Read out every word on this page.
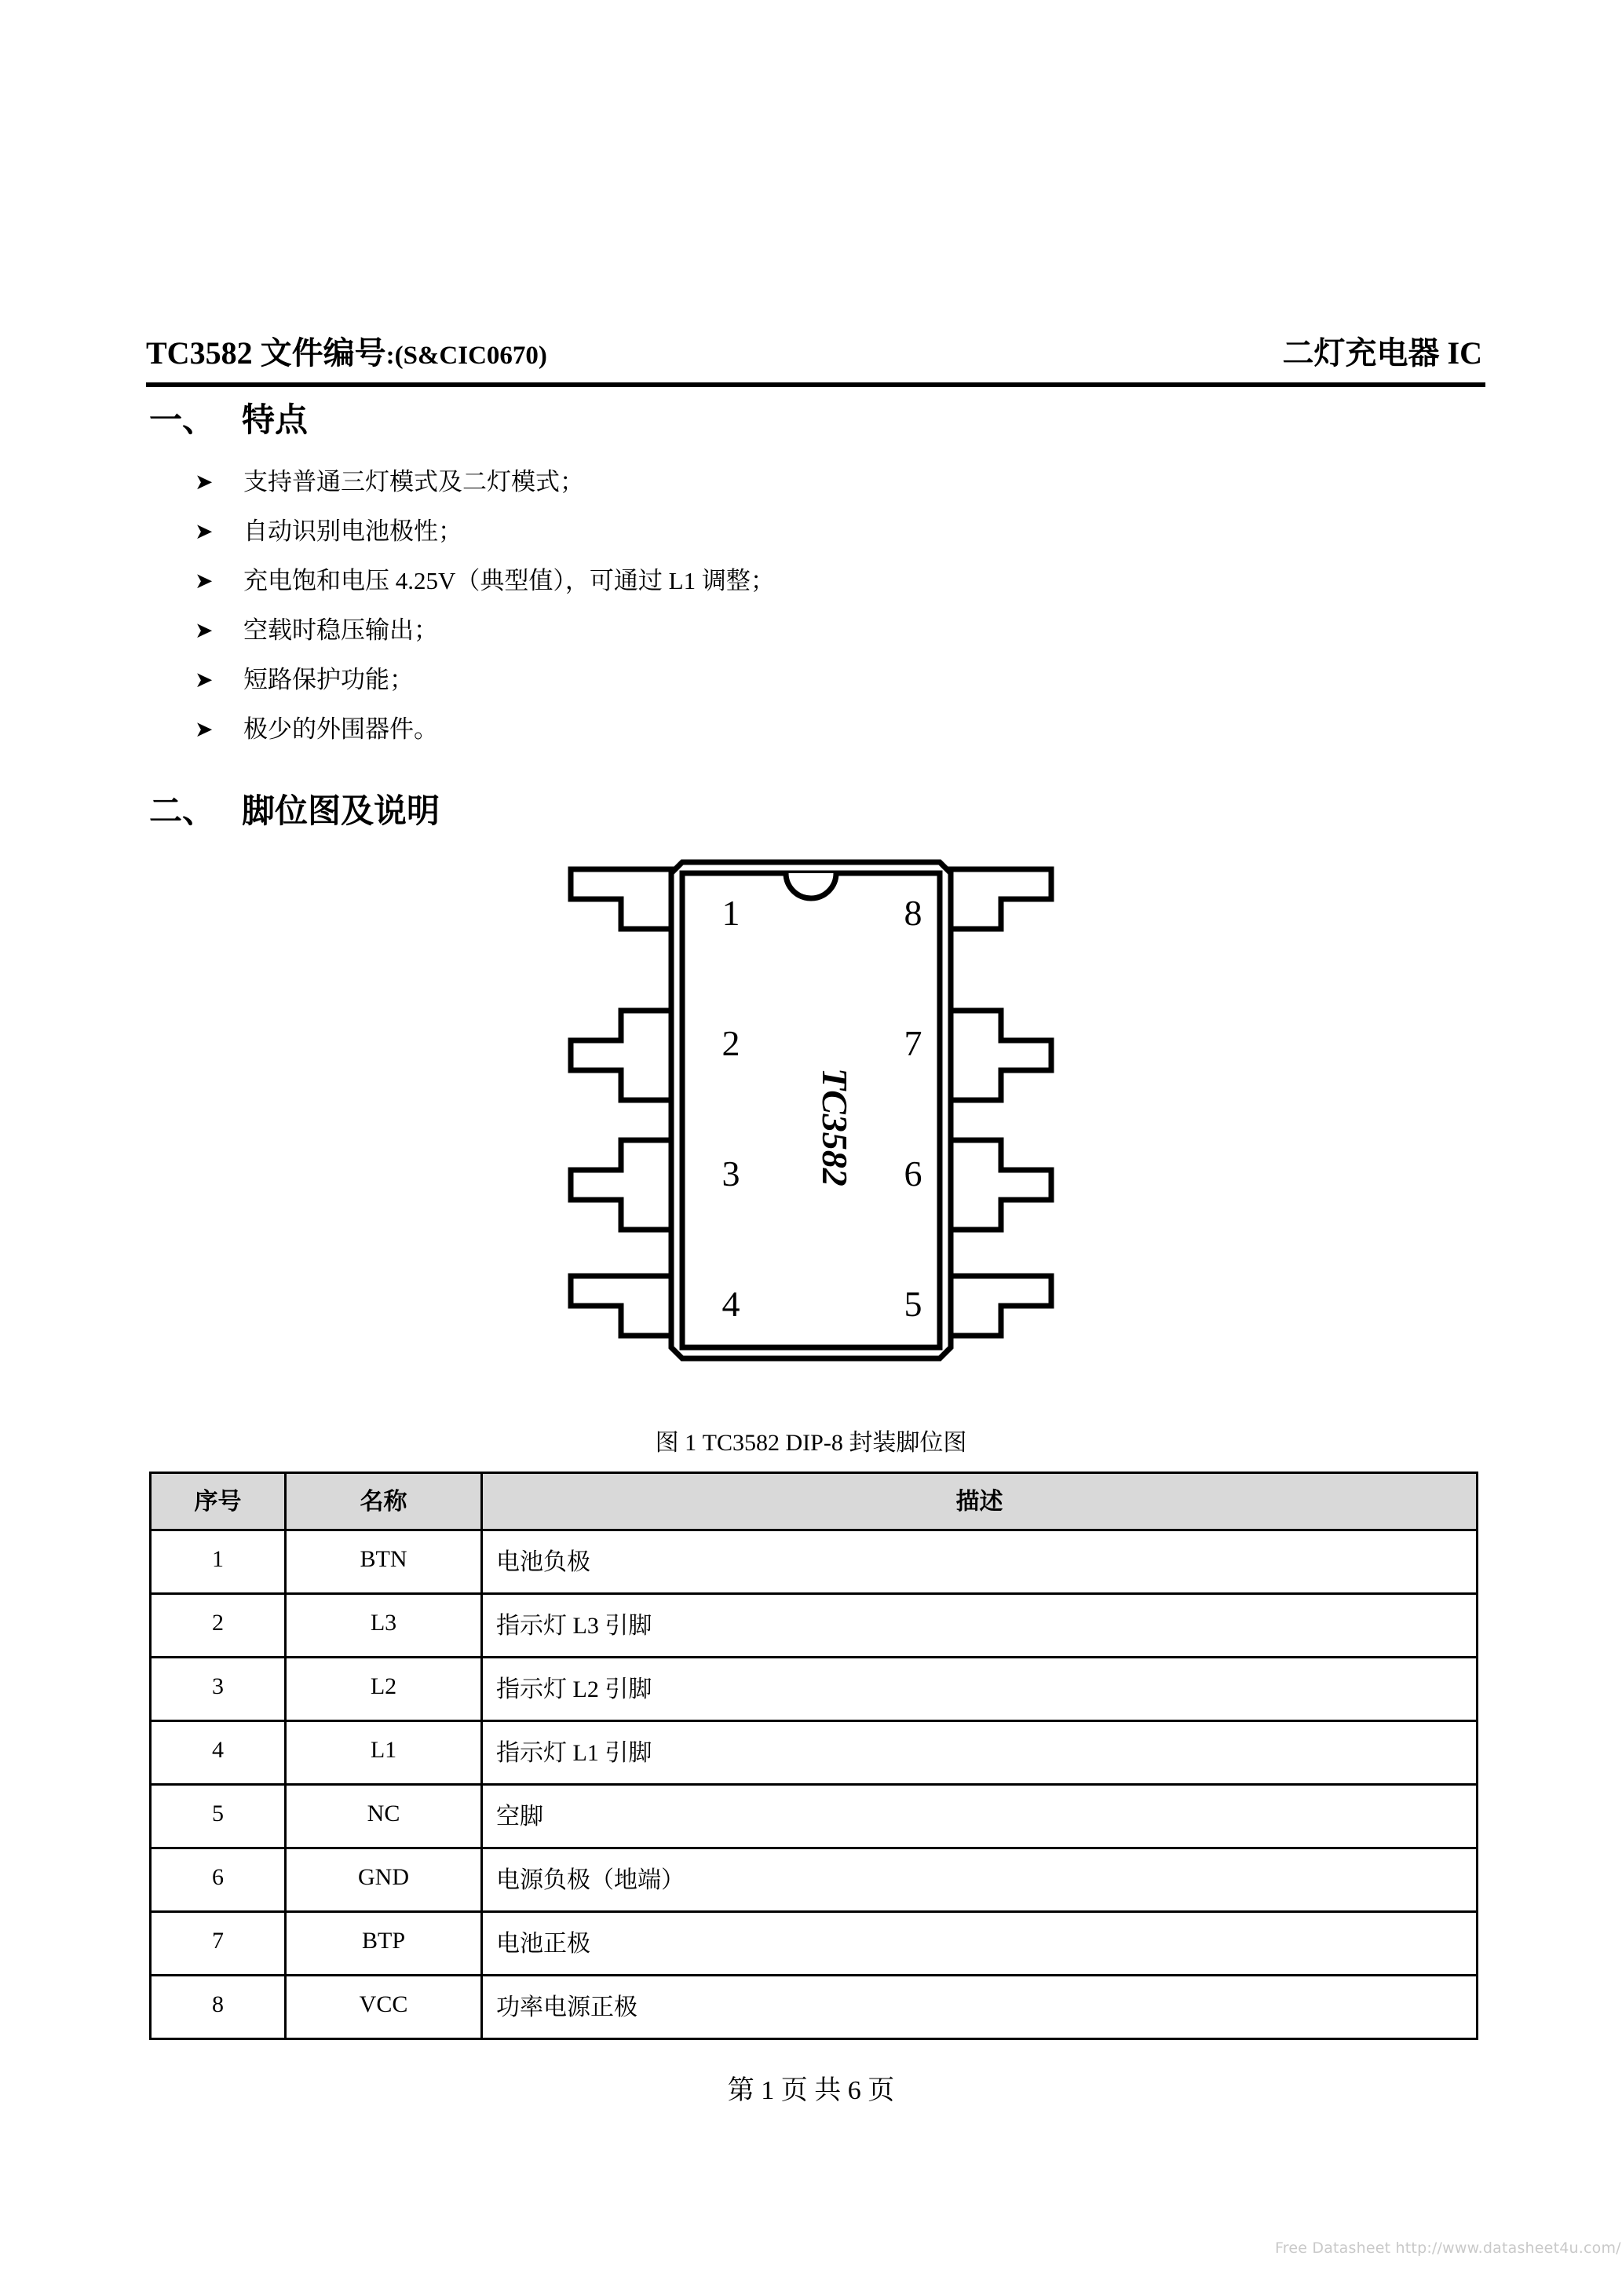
TC3582 文件编号:(S&CIC0670)	二灯充电器 IC
一、 特点
➤	支持普通三灯模式及二灯模式；
➤	自动识别电池极性；
➤	充电饱和电压 4.25V（典型值），可通过 L1 调整；
➤	空载时稳压输出；
➤	短路保护功能；
➤	极少的外围器件。
二、 脚位图及说明
1
2
3
4
8
7
6
5
TC3582
图 1 TC3582 DIP-8 封装脚位图
序号	名称	描述
1	BTN	电池负极
2	L3	指示灯 L3 引脚
3	L2	指示灯 L2 引脚
4	L1	指示灯 L1 引脚
5	NC	空脚
6	GND	电源负极（地端）
7	BTP	电池正极
8	VCC	功率电源正极
第 1 页 共 6 页
Free Datasheet http://www.datasheet4u.com/
